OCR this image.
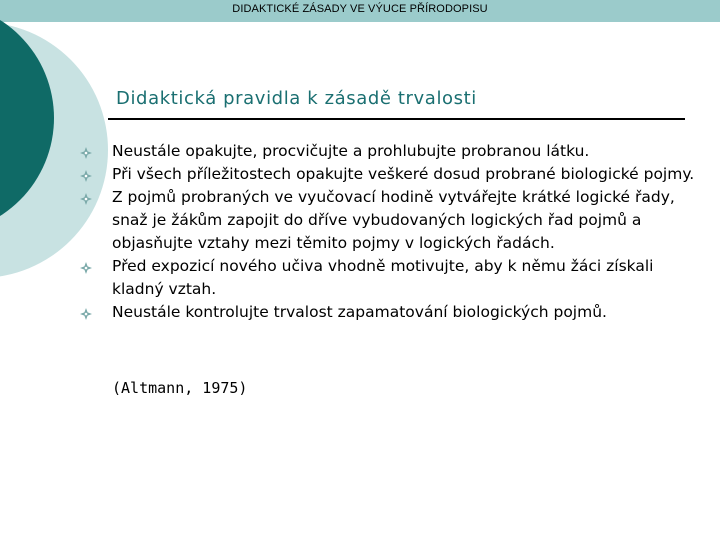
DIDAKTICKÉ ZÁSADY VE VÝUCE PŘÍRODOPISU
Didaktická pravidla k zásadě trvalosti
Neustále opakujte, procvičujte a prohlubujte probranou látku.
Při všech příležitostech opakujte veškeré dosud probrané biologické pojmy.
Z pojmů probraných ve vyučovací hodině vytvářejte krátké logické řady, snaž je žákům zapojit do dříve vybudovaných logických řad pojmů a objasňujte vztahy mezi těmito pojmy v logických řadách.
Před expozicí nového učiva vhodně motivujte, aby k němu žáci získali kladný vztah.
Neustále kontrolujte trvalost zapamatování biologických pojmů.
(Altmann, 1975)
